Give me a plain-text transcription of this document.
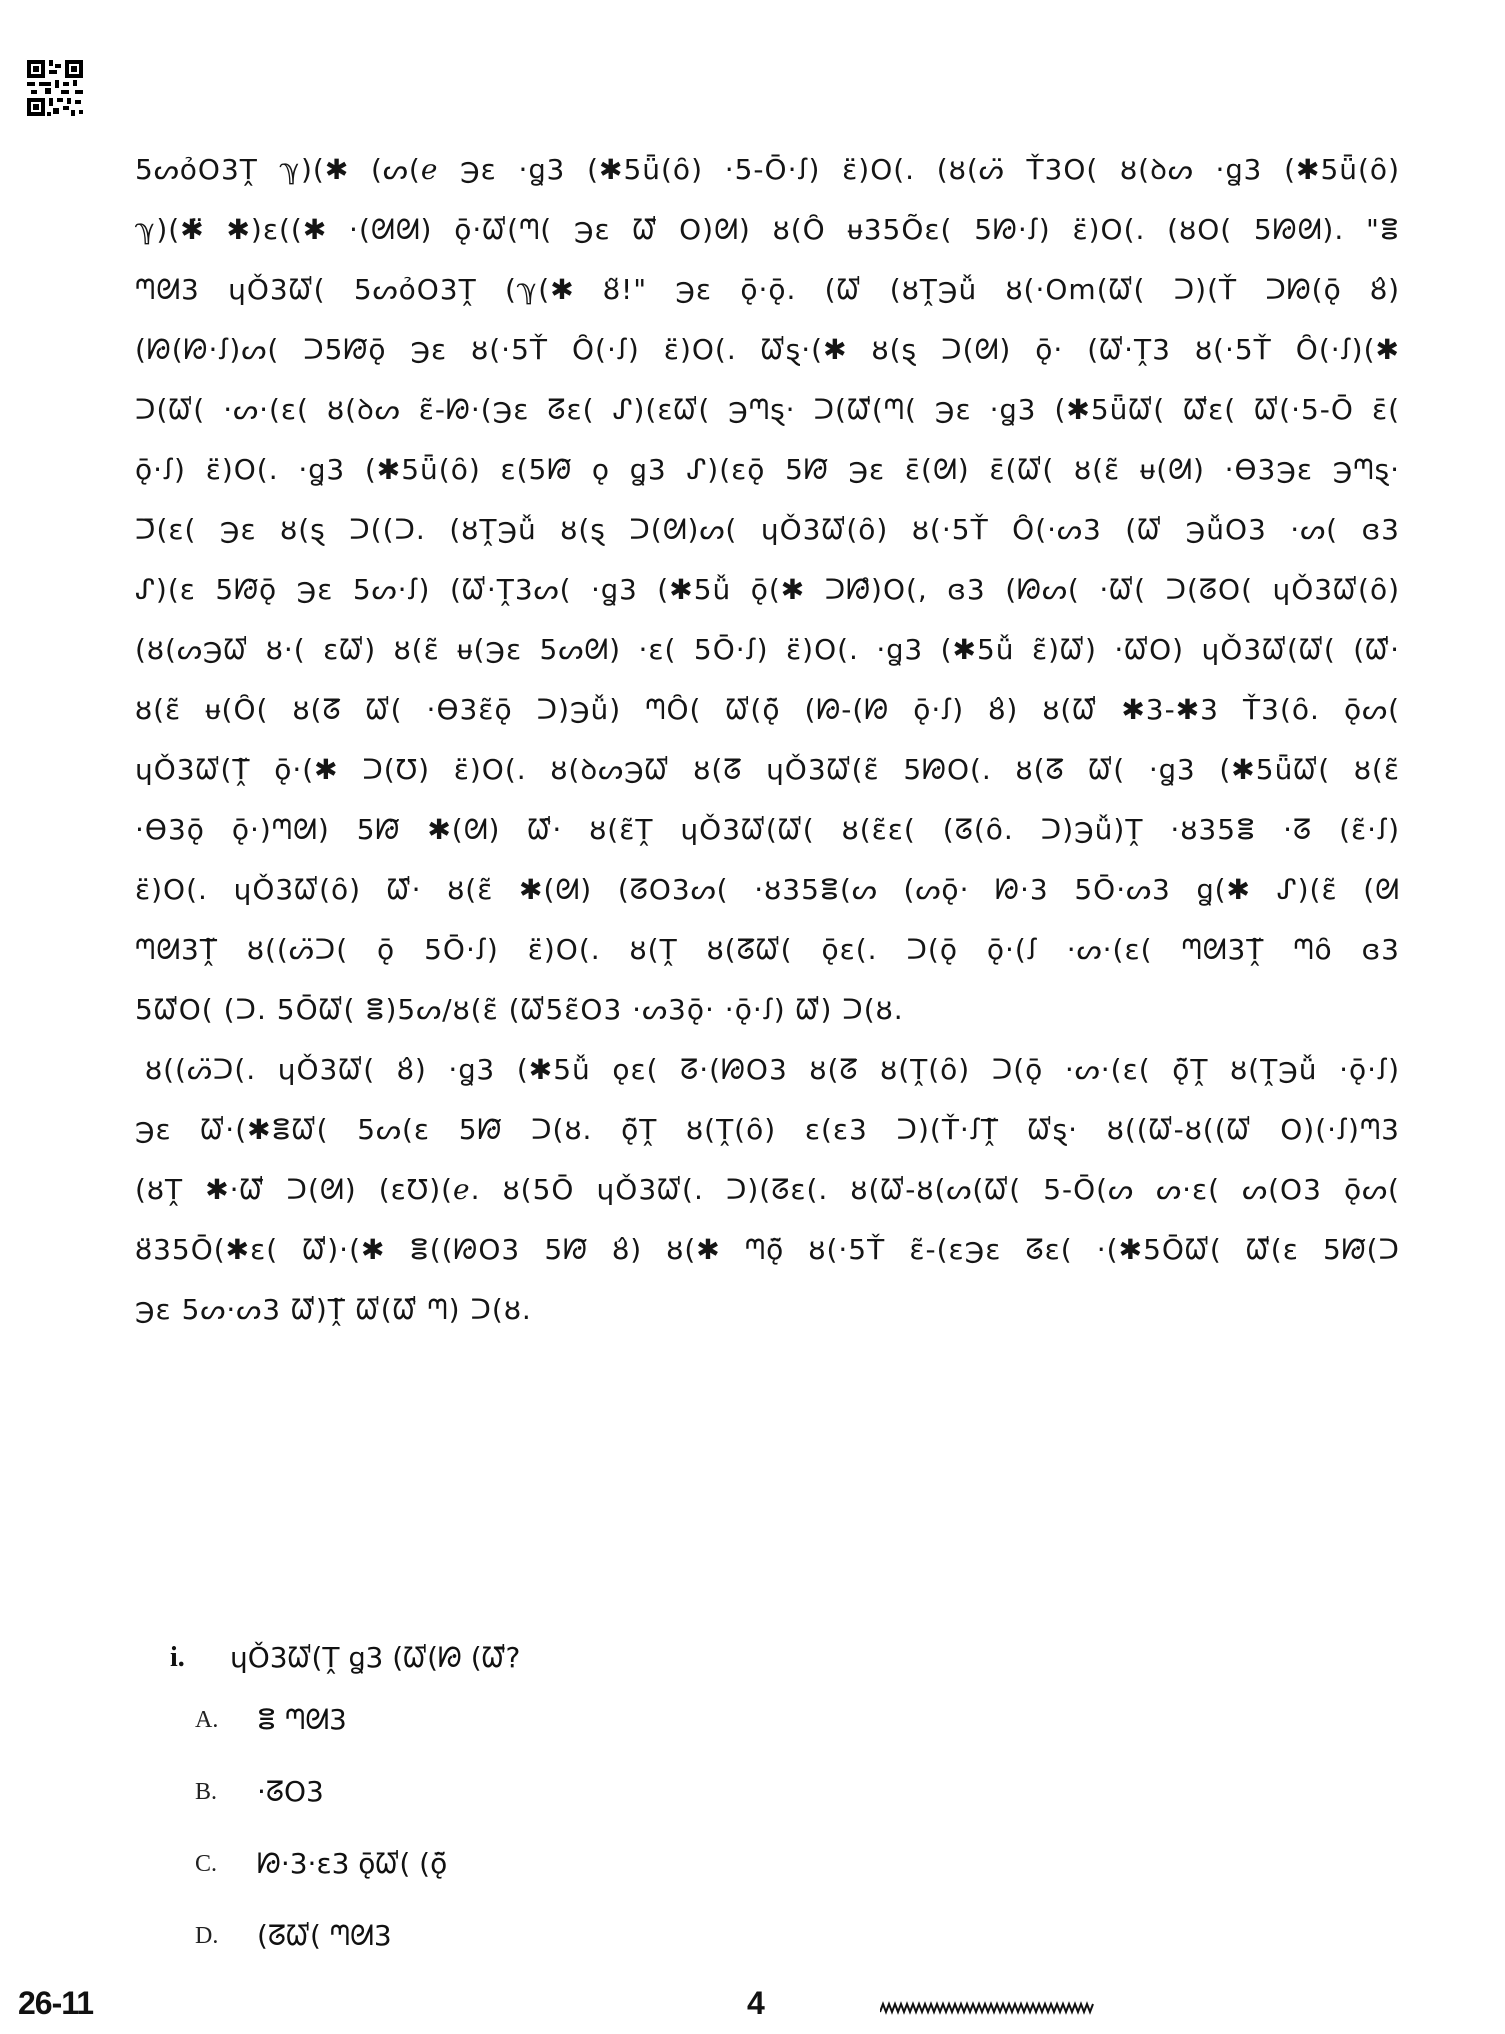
5ᔕỏO3Ṱ ℽ)(✱ (ᔕ(ℯ ℈ɛ ·ꬶ3 (✱5ǖ(ȏ) ·5-Ō·ꭍ) ɛ̈)O(. (ȣ(ᔕ̈ Ť3O( ȣ(ꝺᔕ ·ꬶ3 (✱5ǖ(ȏ)
ℽ)(✱̈ ✱)ɛ((✱ ·(ᘛᘛ) ǭ·ᘺ(ᘉ( ℈ɛ ᘺ̃ O)ᘛ) ȣ(Ȏ ᵾ35Õɛ( 5ᘙ·ꭍ) ɛ̈)O(. (ȣO( 5ᘙᘛ). "ⴻ
ᘉᘛ3 ɥǑ3ᘺ( 5ᔕỏO3Ṱ (ℽ(✱ ȣ̃!" ℈ɛ ǭ·ǭ. (ᘺ (ȣṰ℈ǚ ȣ(·Om(ᘺ( ᑐ)(Ť ᑐᘙ(ǭ ȣ̂)
(ᘙ(ᘙ·ꭍ)ᔕ( ᑐ5ᘙ̃ǭ ℈ɛ ȣ(·5Ť Ȏ(·ꭍ) ɛ̈)O(. ᘺȿ·(✱ ȣ(ȿ ᑐ(ᘛ) ǭ· (ᘺ·Ṱ3 ȣ(·5Ť Ȏ(·ꭍ)(✱
ᑐ(ᘺ( ·ᔕ·(ɛ( ȣ(ꝺᔕ ɛ̃-ᘙ·(℈ɛ ᘔɛ( ᔑ)(ɛᘺ( ℈ᘉȿ· ᑐ(ᘺ̄(ᘉ( ℈ɛ ·ꬶ3 (✱5ǖᘺ( ᘺ̃ɛ( ᘺ(·5-Ō ɛ̄(
ǭ·ꭍ) ɛ̈)O(. ·ꬶ3 (✱5ǖ(ȏ) ɛ(5ᘙ̃ ǫ ꬶ3 ᔑ)(ɛǭ 5ᘙ̃ ℈ɛ ɛ̄(ᘛ) ɛ̄(ᘺ( ȣ(ɛ̃ ᵾ(ᘛ) ·Ɵ3℈ɛ ℈ᘉȿ·
ᑐ̄(ɛ( ℈ɛ ȣ(ȿ ᑐ((ᑐ. (ȣṰ℈ǚ ȣ(ȿ ᑐ(ᘛ)ᔕ( ɥǑ3ᘺ(ȏ) ȣ(·5Ť Ȏ(·ᔕ3 (ᘺ ℈ǚO3 ·ᔕ( ɞ3
ᔑ)(ɛ 5ᘙ̃ǭ ℈ɛ 5ᔕ·ꭍ) (ᘺ·Ṱ3ᔕ( ·ꬶ3 (✱5ǚ ǭ(✱ ᑐᘙ̊)O(, ɞ3 (ᘙᔕ( ·ᘺ( ᑐ(ᘔO( ɥǑ3ᘺ(ȏ)
(ȣ(ᔕ℈ᘺ ȣ·( ɛᘺ) ȣ(ɛ̃ ᵾ(℈ɛ 5ᔕᘛ) ·ɛ( 5Ō·ꭍ) ɛ̈)O(. ·ꬶ3 (✱5ǚ ɛ̃)ᘺ) ·ᘺO) ɥǑ3ᘺ(ᘺ( (ᘺ̂·
ȣ(ɛ̃ ᵾ(Ȏ( ȣ(ᘔ̃ ᘺ( ·Ɵ3ɛ̃ǭ ᑐ)℈ǚ) ᘉȎ( ᘺ(ǭ̃ (ᘙ-(ᘙ ǭ·ꭍ) ȣ̂) ȣ(ᘺ̂ ✱3-✱3 Ť3(ȏ. ǭᔕ(
ɥǑ3ᘺ(Ṱ̃ ǭ·(✱ ᑐ(Ʊ) ɛ̈)O(. ȣ(ꝺᔕ℈ᘺ ȣ(ᘔ̃ ɥǑ3ᘺ(ɛ̃ 5ᘙO(. ȣ(ᘔ̃ ᘺ( ·ꬶ3 (✱5ǖᘺ( ȣ(ɛ̃
·Ɵ3ǭ ǭ·)ᘉᘛ) 5ᘙ̃ ✱(ᘛ) ᘺ̂· ȣ(ɛ̃Ṱ ɥǑ3ᘺ(ᘺ( ȣ(ɛ̃ɛ( (ᘔ(ȏ. ᑐ)℈ǚ)Ṱ ·ȣ35ⴻ ·ᘔ (ɛ̃·ꭍ)
ɛ̈)O(. ɥǑ3ᘺ(ȏ) ᘺ̂· ȣ(ɛ̃ ✱(ᘛ) (ᘔO3ᔕ( ·ȣ35ⴻ(ᔕ (ᔕǭ· ᘙ·3 5Ō·ᔕ3 ꬶ(✱ ᔑ)(ɛ̃ (ᘛ
ᘉᘛ3Ṱ̃ ȣ((ᔕ̈ᑐ( ǭ 5Ō·ꭍ) ɛ̈)O(. ȣ(Ṱ ȣ(ᘔ̃ᘺ( ǭɛ(. ᑐ(ǭ ǭ·(ꭍ ·ᔕ·(ɛ( ᘉᘛ3Ṱ̃ ᘉȏ ɞ3
5ᘺ̇O( (ᑐ. 5Ōᘺ( ⴻ)5ᔕ/ȣ(ɛ̃ (ᘺ5ɛ̃O3 ·ᔕ3ǭ· ·ǭ·ꭍ) ᘺ̇) ᑐ(ȣ.
ȣ((ᔕ̈ᑐ(. ɥǑ3ᘺ( ȣ̂) ·ꬶ3 (✱5ǚ ǫɛ( ᘔ·(ᘙO3 ȣ(ᘔ̃ ȣ(Ṱ(ȏ) ᑐ(ǭ ·ᔕ·(ɛ( ǭ̃Ṱ ȣ(Ṱ℈ǚ ·ǭ·ꭍ)
℈ɛ ᘺ·(✱ⴻᘺ( 5ᔕ(ɛ 5ᘙ̃ ᑐ(ȣ. ǭ̃Ṱ ȣ(Ṱ(ȏ) ɛ(ɛ3 ᑐ)(Ť·ꭍṰ̃ ᘺȿ· ȣ((ᘺ-ȣ((ᘺ O)(·ꭍ)ᘉ3
(ȣṰ ✱·ᘺ̃ ᑐ(ᘛ) (ɛƱ)(ℯ. ȣ(5Ō ɥǑ3ᘺ(. ᑐ)(ᘔɛ(. ȣ(ᘺ-ȣ(ᔕ(ᘺ( 5-Ō(ᔕ ᔕ·ɛ( ᔕ(O3 ǭᔕ(
ȣ̈35Ō(✱ɛ( ᘺ̇)·(✱ ⴻ((ᘙO3 5ᘙ̃ ȣ̂) ȣ(✱ ᘉǭ̃ ȣ(·5Ť ɛ̃-(ɛ℈ɛ ᘔɛ( ·(✱5Ōᘺ( ᘺ̄(ɛ 5ᘙ̃(ᑐ
℈ɛ 5ᔕ·ᔕ3 ᘺ̇)Ṱ̃ ᘺ(ᘺ̂ ᘉ) ᑐ(ȣ.
i. ɥǑ3ᘺ(Ṱ ꬶ3 (ᘺ(ᘙ (ᘺ̄?
A. ⴻ ᘉᘛ3
B. ·ᘔO3
C. ᘙ·3·ɛ3 ǭᘺ( (ǭ̃
D. (ᘔᘺ( ᘉᘛ3
26-11	4
